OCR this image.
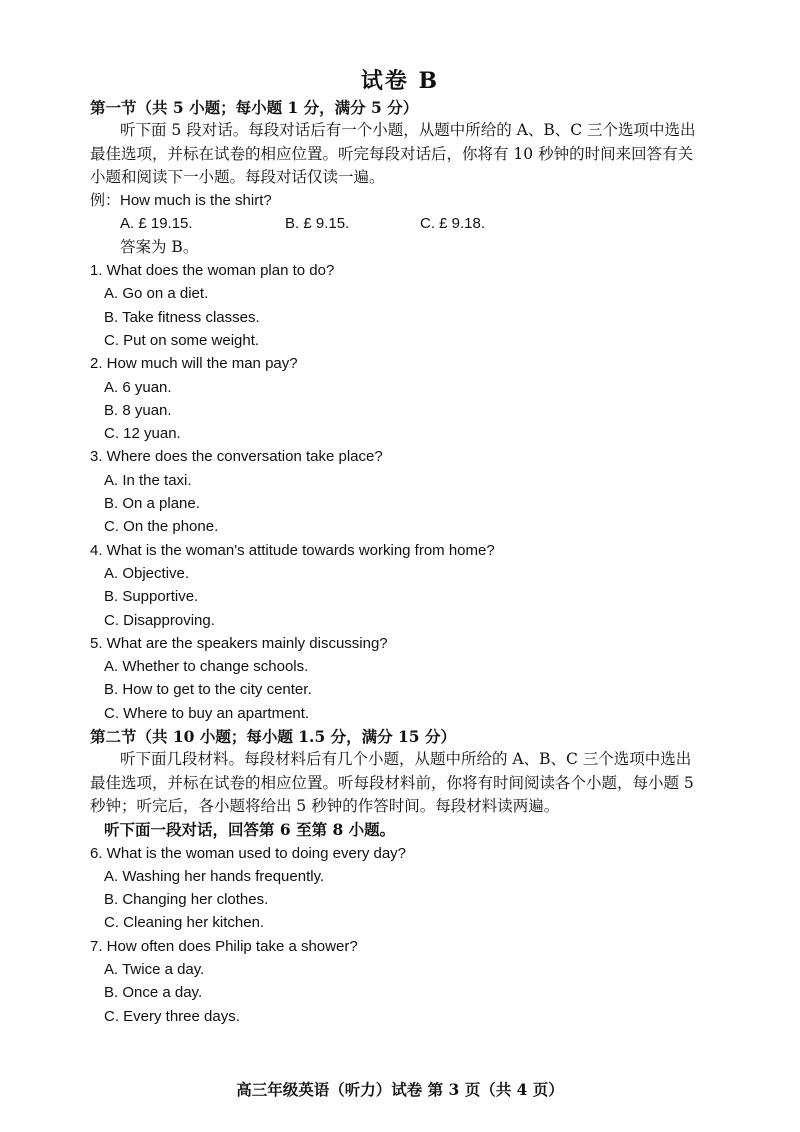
试卷 B
第一节（共 5 小题；每小题 1 分，满分 5 分）
听下面 5 段对话。每段对话后有一个小题，从题中所给的 A、B、C 三个选项中选出
最佳选项，并标在试卷的相应位置。听完每段对话后，你将有 10 秒钟的时间来回答有关
小题和阅读下一小题。每段对话仅读一遍。
例：How much is the shirt?
A. £ 19.15.	B. £ 9.15.	C. £ 9.18.
答案为 B。
1. What does the woman plan to do?
A. Go on a diet.
B. Take fitness classes.
C. Put on some weight.
2. How much will the man pay?
A. 6 yuan.
B. 8 yuan.
C. 12 yuan.
3. Where does the conversation take place?
A. In the taxi.
B. On a plane.
C. On the phone.
4. What is the woman's attitude towards working from home?
A. Objective.
B. Supportive.
C. Disapproving.
5. What are the speakers mainly discussing?
A. Whether to change schools.
B. How to get to the city center.
C. Where to buy an apartment.
第二节（共 10 小题；每小题 1.5 分，满分 15 分）
听下面几段材料。每段材料后有几个小题，从题中所给的 A、B、C 三个选项中选出
最佳选项，并标在试卷的相应位置。听每段材料前，你将有时间阅读各个小题，每小题 5
秒钟；听完后，各小题将给出 5 秒钟的作答时间。每段材料读两遍。
听下面一段对话，回答第 6 至第 8 小题。
6. What is the woman used to doing every day?
A. Washing her hands frequently.
B. Changing her clothes.
C. Cleaning her kitchen.
7. How often does Philip take a shower?
A. Twice a day.
B. Once a day.
C. Every three days.
高三年级英语（听力）试卷 第 3 页（共 4 页）
